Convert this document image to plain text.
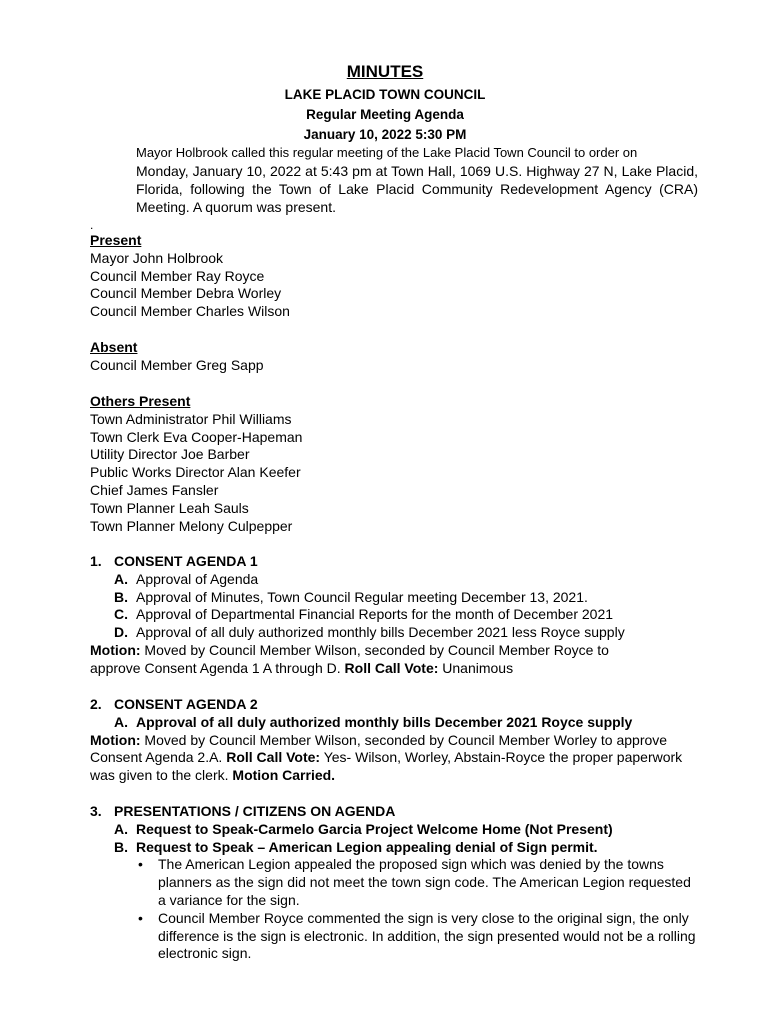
MINUTES
LAKE PLACID TOWN COUNCIL
Regular Meeting Agenda
January 10, 2022 5:30 PM
Mayor Holbrook called this regular meeting of the Lake Placid Town Council to order on
Monday, January 10, 2022 at 5:43 pm at Town Hall, 1069 U.S. Highway 27 N, Lake Placid, Florida, following the Town of Lake Placid Community Redevelopment Agency (CRA) Meeting. A quorum was present.
.
Present
Mayor John Holbrook
Council Member Ray Royce
Council Member Debra Worley
Council Member Charles Wilson
Absent
Council Member Greg Sapp
Others Present
Town Administrator Phil Williams
Town Clerk Eva Cooper-Hapeman
Utility Director Joe Barber
Public Works Director Alan Keefer
Chief James Fansler
Town Planner Leah Sauls
Town Planner Melony Culpepper
1. CONSENT AGENDA 1
A. Approval of Agenda
B. Approval of Minutes, Town Council Regular meeting December 13, 2021.
C. Approval of Departmental Financial Reports for the month of December 2021
D. Approval of all duly authorized monthly bills December 2021 less Royce supply
Motion: Moved by Council Member Wilson, seconded by Council Member Royce to approve Consent Agenda 1 A through D. Roll Call Vote: Unanimous
2. CONSENT AGENDA 2
A. Approval of all duly authorized monthly bills December 2021 Royce supply
Motion: Moved by Council Member Wilson, seconded by Council Member Worley to approve Consent Agenda 2.A. Roll Call Vote: Yes- Wilson, Worley, Abstain-Royce the proper paperwork was given to the clerk. Motion Carried.
3. PRESENTATIONS / CITIZENS ON AGENDA
A. Request to Speak-Carmelo Garcia Project Welcome Home (Not Present)
B. Request to Speak – American Legion appealing denial of Sign permit.
• The American Legion appealed the proposed sign which was denied by the towns planners as the sign did not meet the town sign code. The American Legion requested a variance for the sign.
• Council Member Royce commented the sign is very close to the original sign, the only difference is the sign is electronic. In addition, the sign presented would not be a rolling electronic sign.
